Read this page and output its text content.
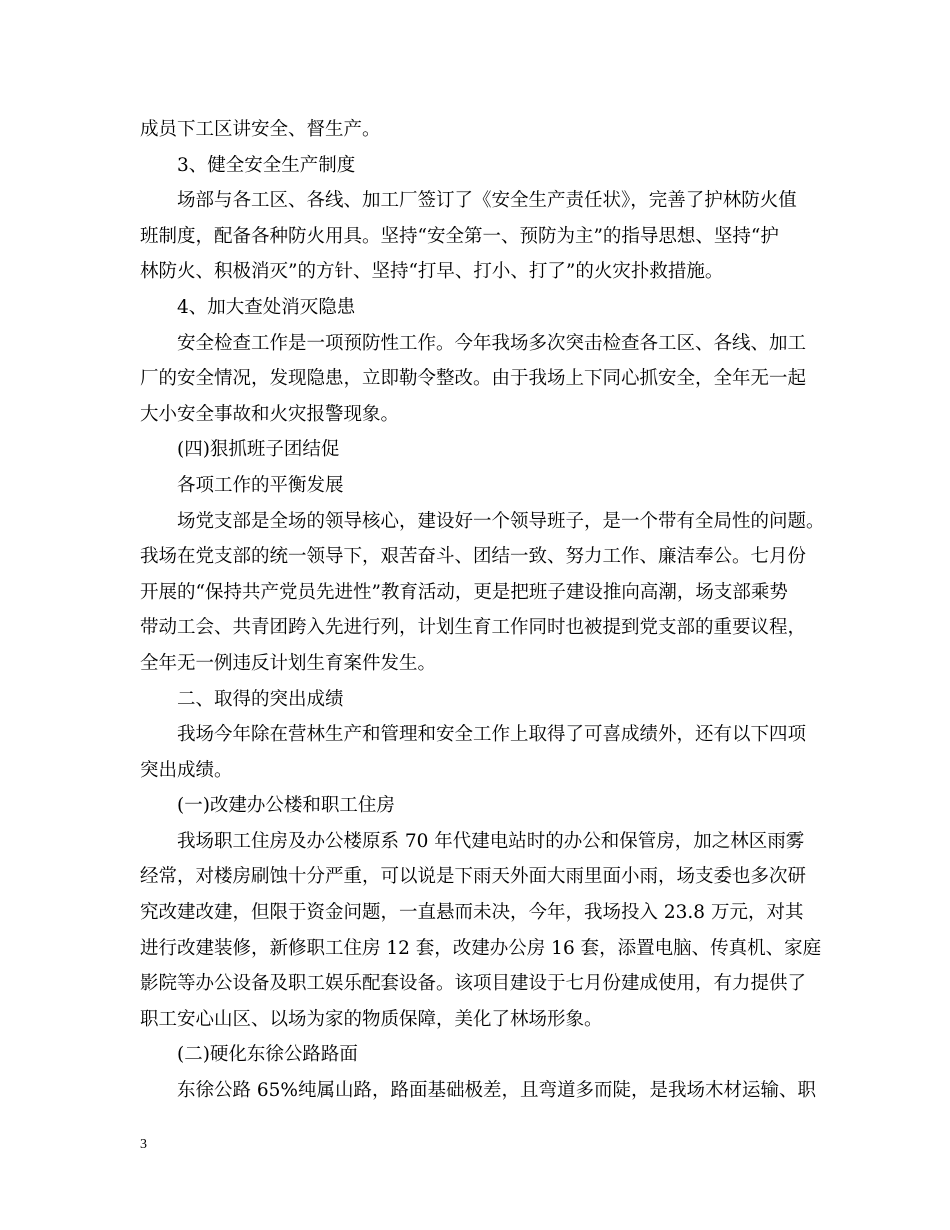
成员下工区讲安全、督生产。
3、健全安全生产制度
场部与各工区、各线、加工厂签订了《安全生产责任状》，完善了护林防火值
班制度，配备各种防火用具。坚持“安全第一、预防为主”的指导思想、坚持“护
林防火、积极消灭”的方针、坚持“打早、打小、打了”的火灾扑救措施。
4、加大查处消灭隐患
安全检查工作是一项预防性工作。今年我场多次突击检查各工区、各线、加工
厂的安全情况，发现隐患，立即勒令整改。由于我场上下同心抓安全，全年无一起
大小安全事故和火灾报警现象。
(四)狠抓班子团结促
各项工作的平衡发展
场党支部是全场的领导核心，建设好一个领导班子，是一个带有全局性的问题。
我场在党支部的统一领导下，艰苦奋斗、团结一致、努力工作、廉洁奉公。七月份
开展的“保持共产党员先进性”教育活动，更是把班子建设推向高潮，场支部乘势
带动工会、共青团跨入先进行列，计划生育工作同时也被提到党支部的重要议程，
全年无一例违反计划生育案件发生。
二、取得的突出成绩
我场今年除在营林生产和管理和安全工作上取得了可喜成绩外，还有以下四项
突出成绩。
(一)改建办公楼和职工住房
我场职工住房及办公楼原系 70 年代建电站时的办公和保管房，加之林区雨雾
经常，对楼房刷蚀十分严重，可以说是下雨天外面大雨里面小雨，场支委也多次研
究改建改建，但限于资金问题，一直悬而未决，今年，我场投入 23.8 万元，对其
进行改建装修，新修职工住房 12 套，改建办公房 16 套，添置电脑、传真机、家庭
影院等办公设备及职工娱乐配套设备。该项目建设于七月份建成使用，有力提供了
职工安心山区、以场为家的物质保障，美化了林场形象。
(二)硬化东徐公路路面
东徐公路 65%纯属山路，路面基础极差，且弯道多而陡，是我场木材运输、职
3
